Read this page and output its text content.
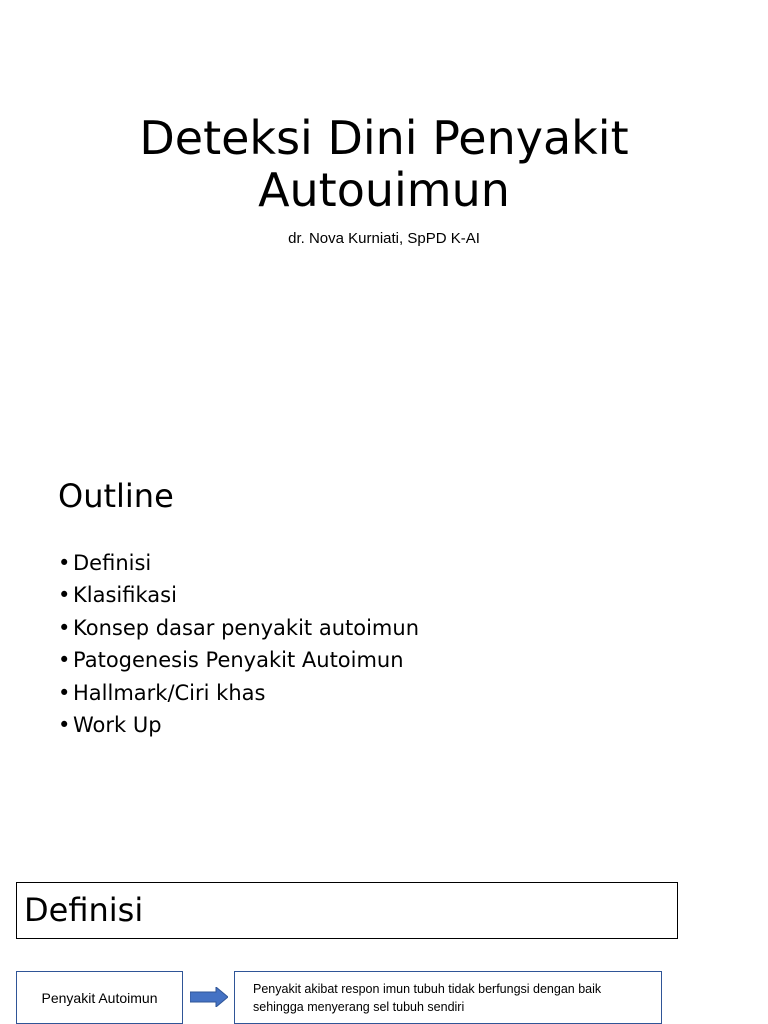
Deteksi Dini Penyakit
Autouimun

dr. Nova Kurniati, SpPD K-AI

Outline
• Definisi
• Klasifikasi
• Konsep dasar penyakit autoimun
• Patogenesis Penyakit Autoimun
• Hallmark/Ciri khas
• Work Up
Definisi
Penyakit Autoimun
Penyakit akibat respon imun tubuh tidak berfungsi dengan baik
sehingga menyerang sel tubuh sendiri
